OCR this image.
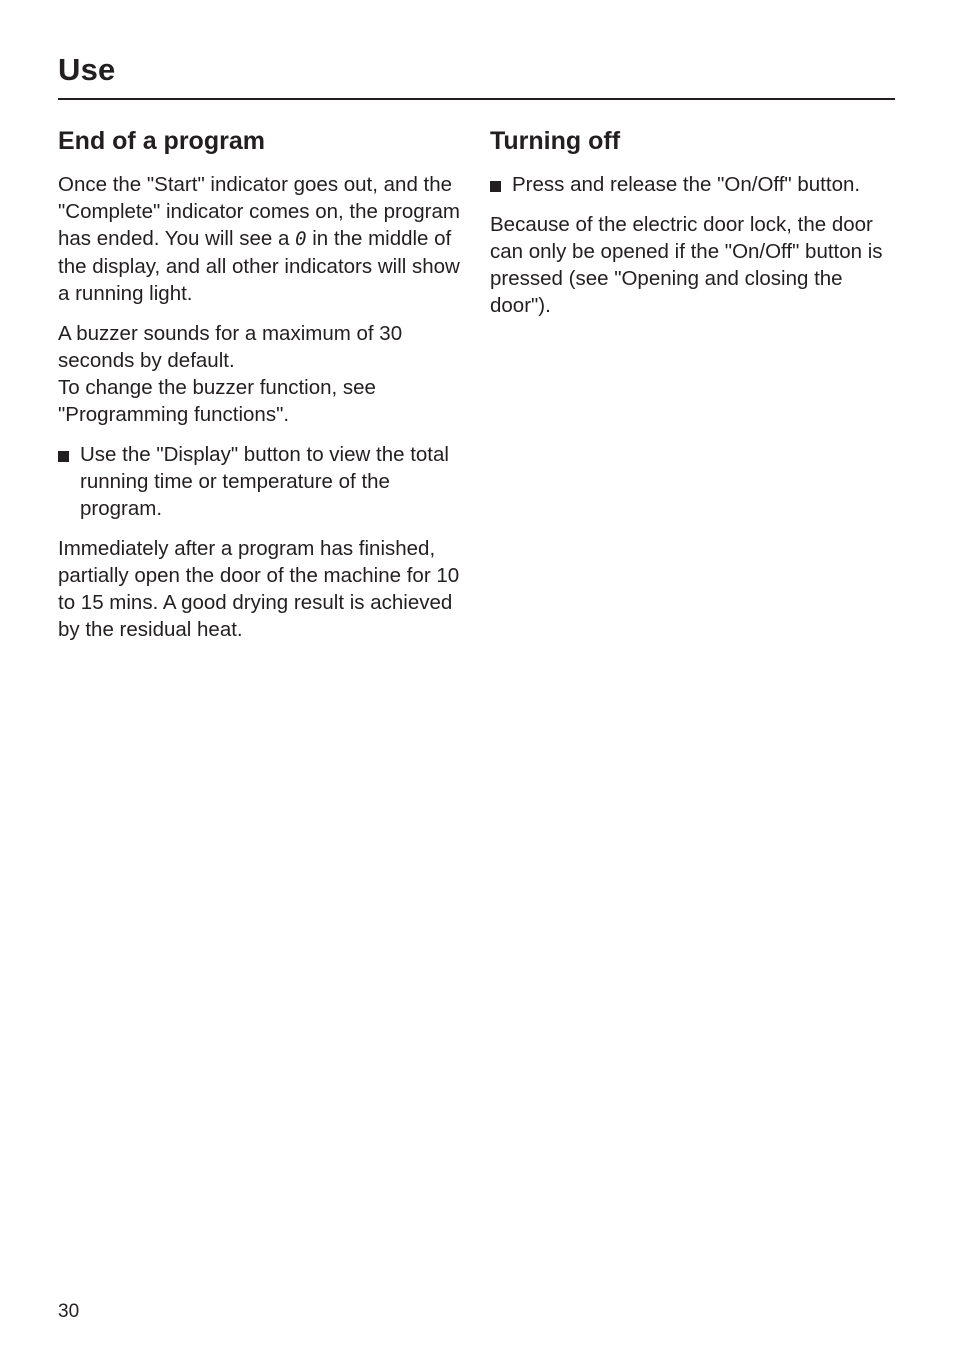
Use
End of a program

Once the "Start" indicator goes out, and the "Complete" indicator comes on, the program has ended. You will see a 0 in the middle of the display, and all other indicators will show a running light.

A buzzer sounds for a maximum of 30 seconds by default.
To change the buzzer function, see "Programming functions".

Use the "Display" button to view the total running time or temperature of the program.

Immediately after a program has finished, partially open the door of the machine for 10 to 15 mins. A good drying result is achieved by the residual heat.

Turning off
Press and release the "On/Off" button.

Because of the electric door lock, the door can only be opened if the "On/Off" button is pressed (see "Opening and closing the door").

30
